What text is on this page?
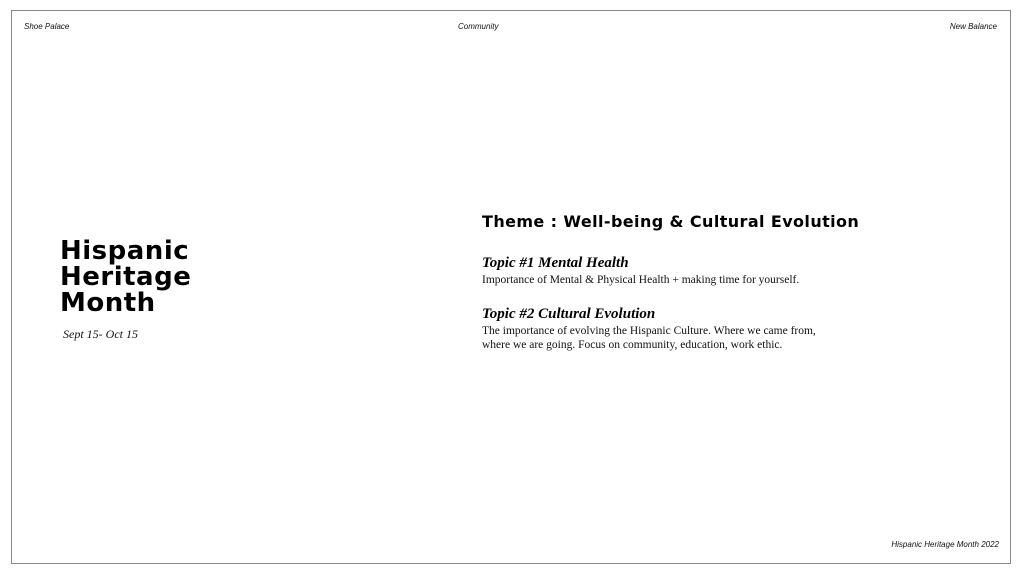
Shoe Palace	Community	New Balance
Hispanic Heritage Month 2022
Hispanic
Heritage
Month
Sept 15- Oct 15
Theme : Well-being & Cultural Evolution
Topic #1 Mental Health
Importance of Mental & Physical Health + making time for yourself.
Topic #2 Cultural Evolution
The importance of evolving the Hispanic Culture. Where we came from, where we are going. Focus on community, education, work ethic.
